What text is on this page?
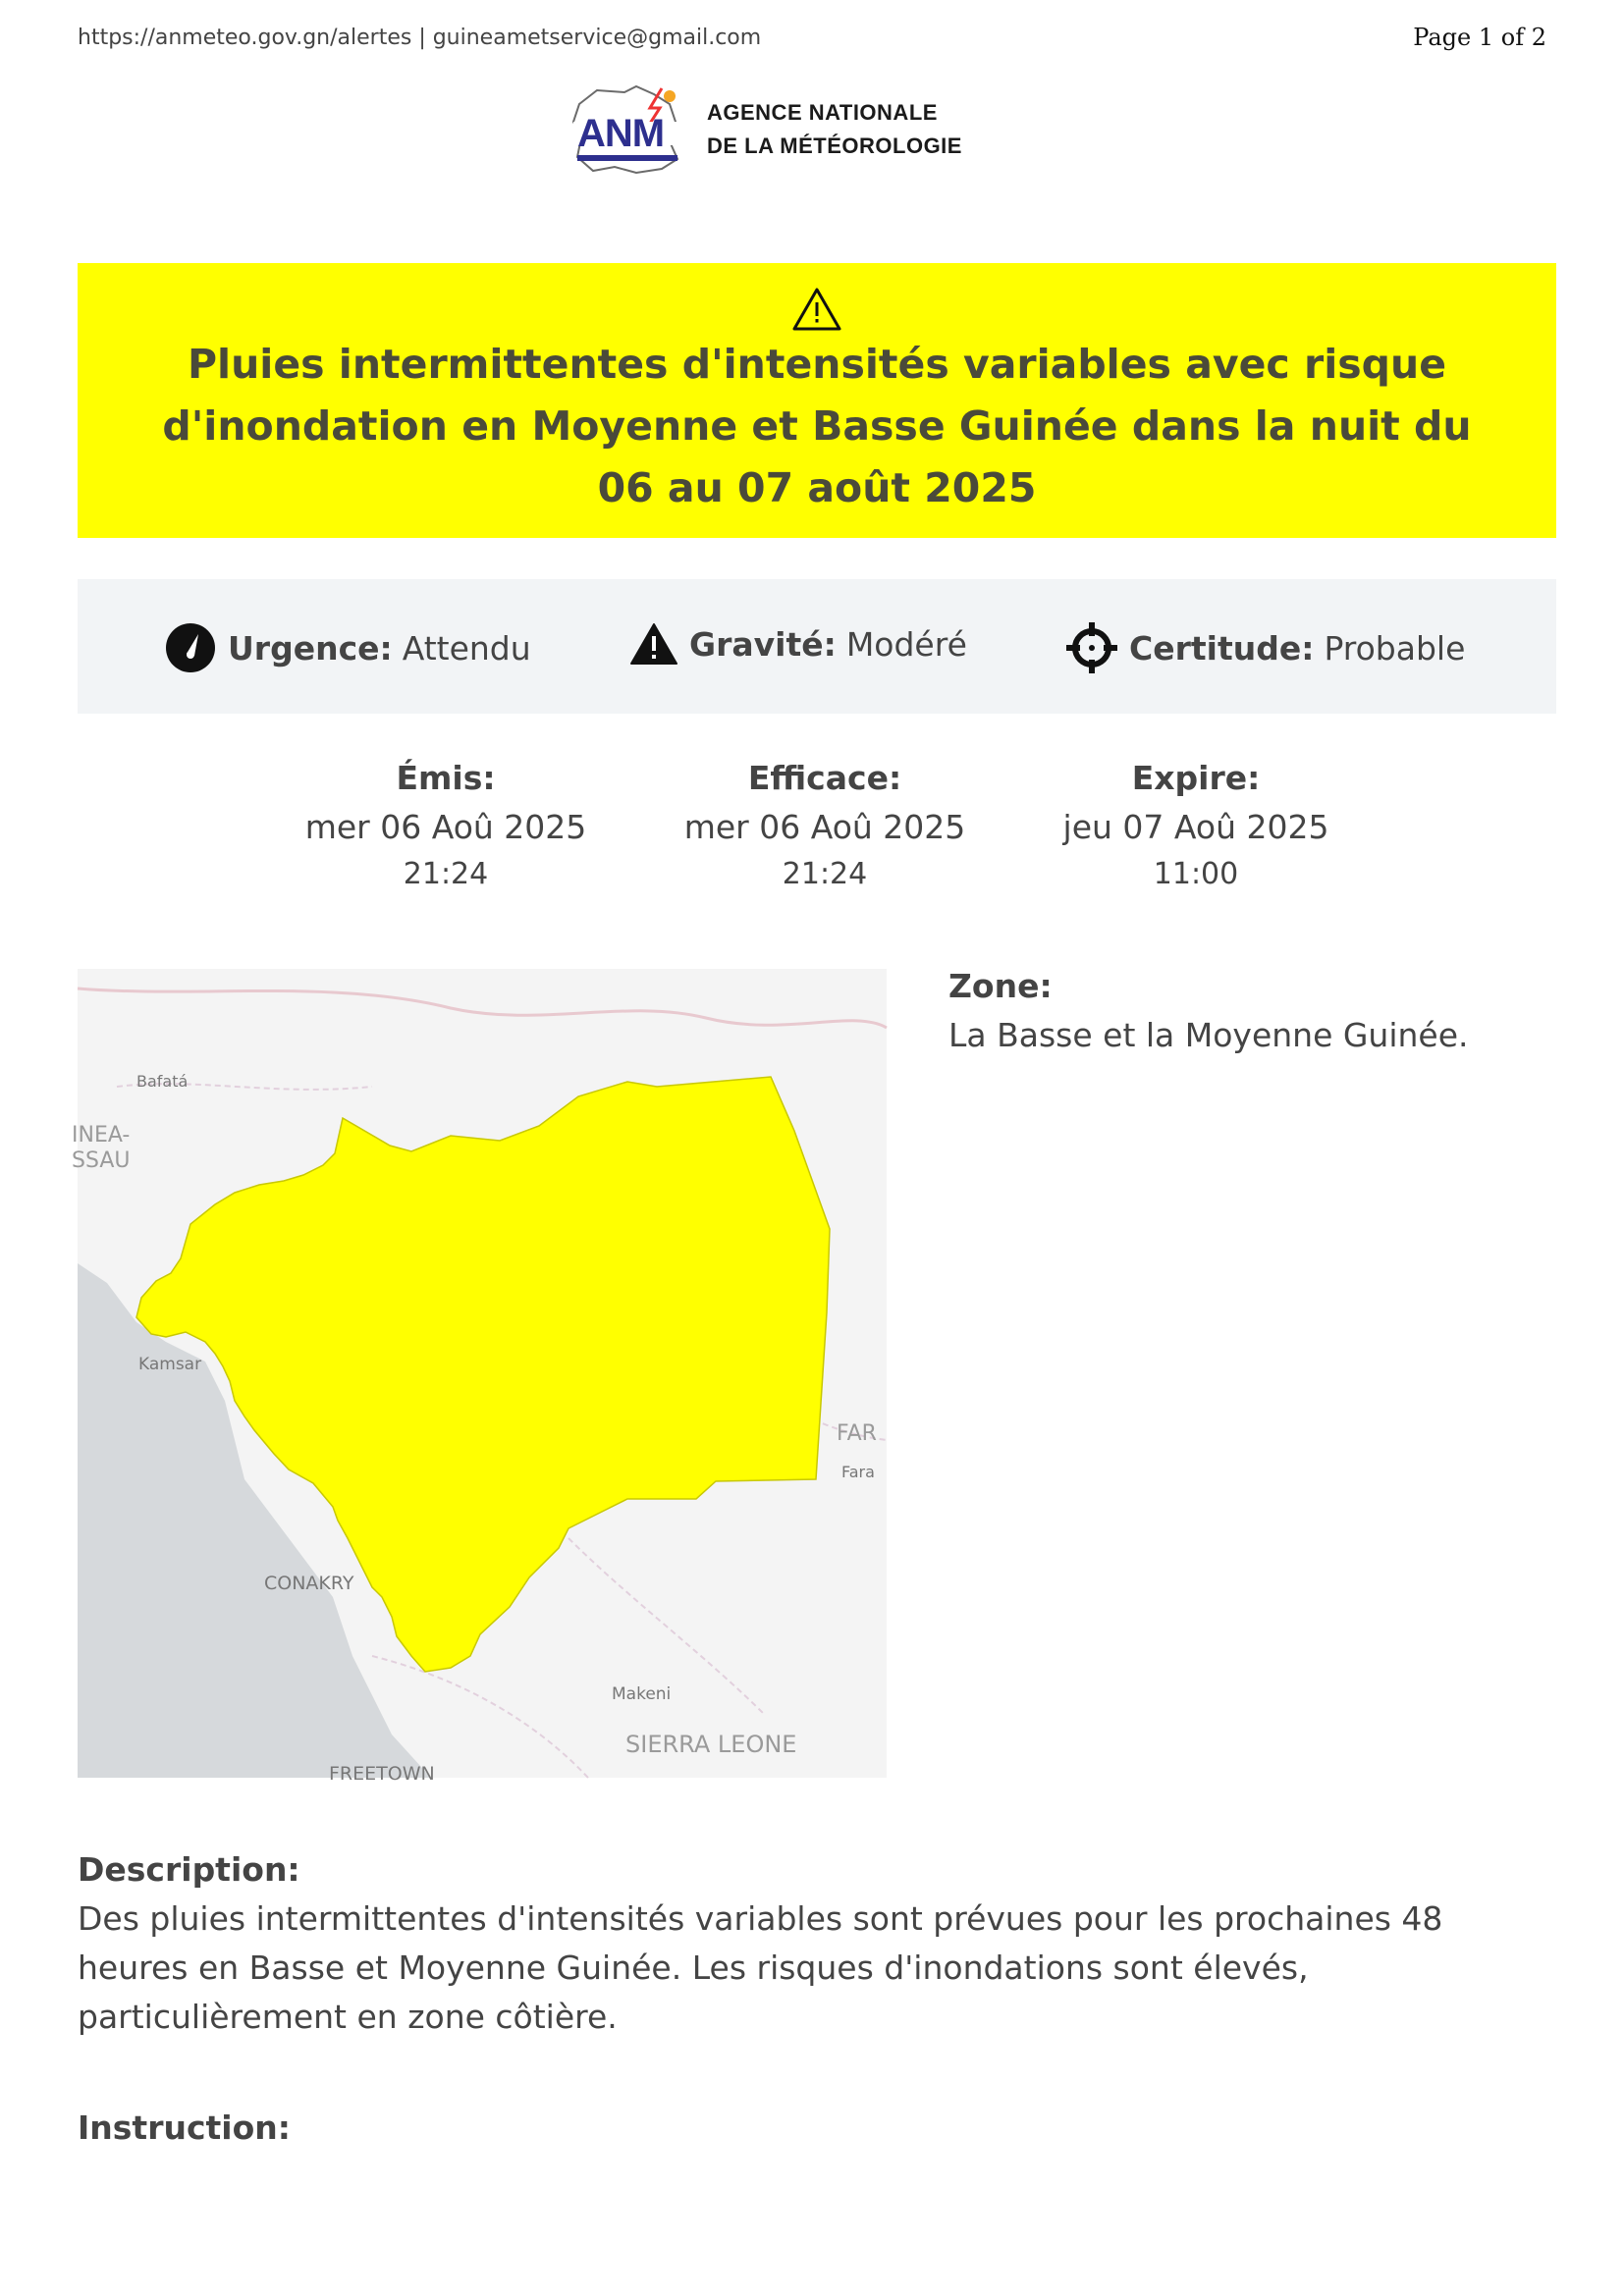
https://anmeteo.gov.gn/alertes | guineametservice@gmail.com	Page 1 of 2
ANM AGENCE NATIONALE
DE LA MÉTÉOROLOGIE
Pluies intermittentes d'intensités variables avec risque d'inondation en Moyenne et Basse Guinée dans la nuit du 06 au 07 août 2025
Urgence: Attendu	Gravité: Modéré	Certitude: Probable
Émis:
mer 06 Aoû 2025
21:24
Efficace:
mer 06 Aoû 2025
21:24
Expire:
jeu 07 Aoû 2025
11:00
Bafatá
INEA-
SSAU
Kamsar
CONAKRY
FAR
Fara
Makeni
SIERRA LEONE
FREETOWN
Zone:
La Basse et la Moyenne Guinée.
Description:
Des pluies intermittentes d'intensités variables sont prévues pour les prochaines 48 heures en Basse et Moyenne Guinée. Les risques d'inondations sont élevés, particulièrement en zone côtière.
Instruction:
